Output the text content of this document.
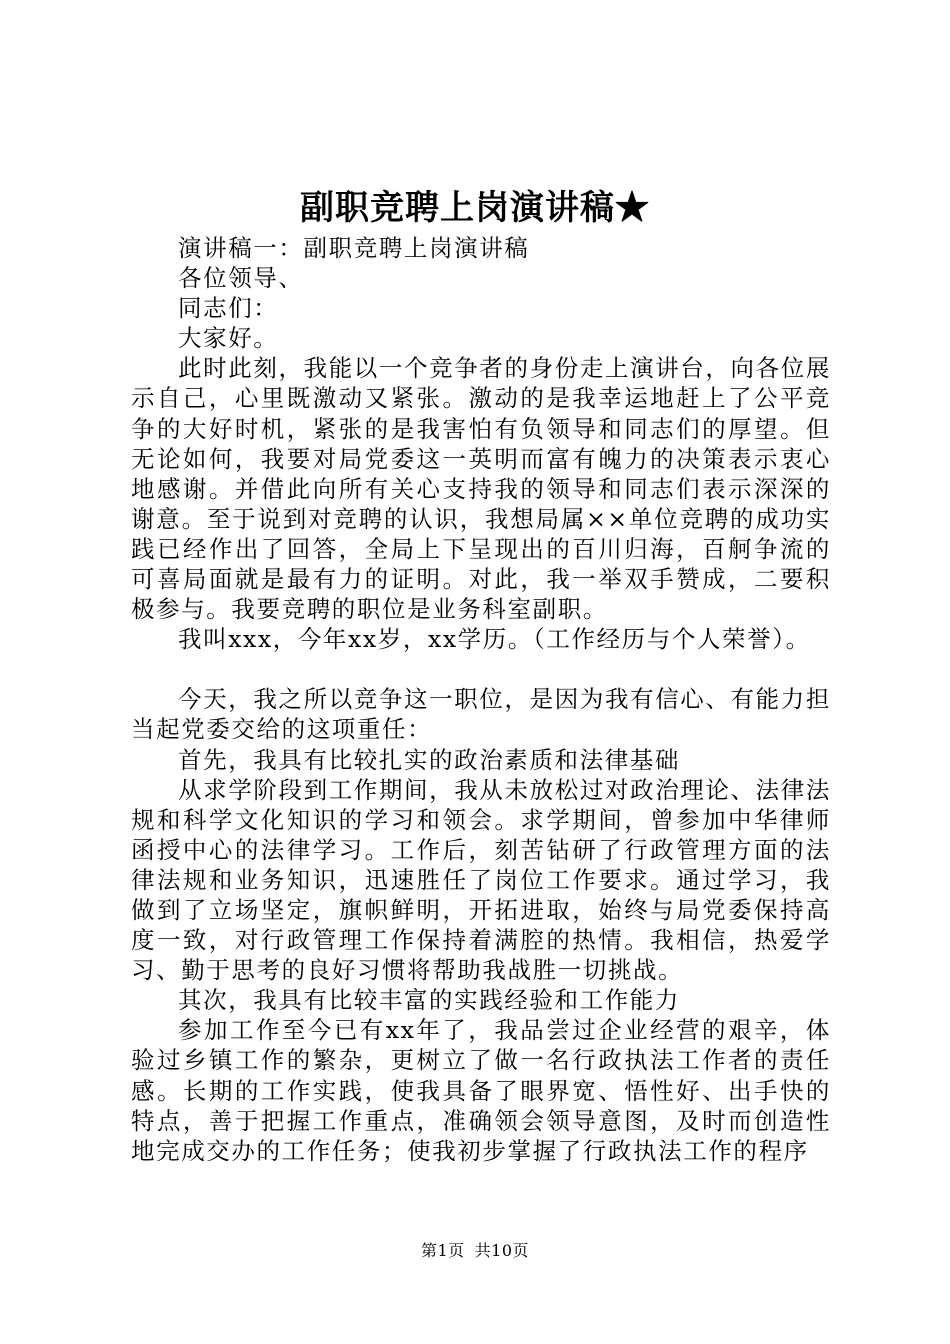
副职竞聘上岗演讲稿★

演讲稿一：副职竞聘上岗演讲稿

各位领导、

同志们：

大家好。

此时此刻，我能以一个竞争者的身份走上演讲台，向各位展示自己，心里既激动又紧张。激动的是我幸运地赶上了公平竞争的大好时机，紧张的是我害怕有负领导和同志们的厚望。但无论如何，我要对局党委这一英明而富有魄力的决策表示衷心地感谢。并借此向所有关心支持我的领导和同志们表示深深的谢意。至于说到对竞聘的认识，我想局属××单位竞聘的成功实践已经作出了回答，全局上下呈现出的百川归海，百舸争流的可喜局面就是最有力的证明。对此，我一举双手赞成，二要积极参与。我要竞聘的职位是业务科室副职。

我叫xxx，今年xx岁，xx学历。（工作经历与个人荣誉）。

今天，我之所以竞争这一职位，是因为我有信心、有能力担当起党委交给的这项重任：

首先，我具有比较扎实的政治素质和法律基础

从求学阶段到工作期间，我从未放松过对政治理论、法律法规和科学文化知识的学习和领会。求学期间，曾参加中华律师函授中心的法律学习。工作后，刻苦钻研了行政管理方面的法律法规和业务知识，迅速胜任了岗位工作要求。通过学习，我做到了立场坚定，旗帜鲜明，开拓进取，始终与局党委保持高度一致，对行政管理工作保持着满腔的热情。我相信，热爱学习、勤于思考的良好习惯将帮助我战胜一切挑战。

其次，我具有比较丰富的实践经验和工作能力

参加工作至今已有xx年了，我品尝过企业经营的艰辛，体验过乡镇工作的繁杂，更树立了做一名行政执法工作者的责任感。长期的工作实践，使我具备了眼界宽、悟性好、出手快的特点，善于把握工作重点，准确领会领导意图，及时而创造性地完成交办的工作任务；使我初步掌握了行政执法工作的程序

第1页 共10页
